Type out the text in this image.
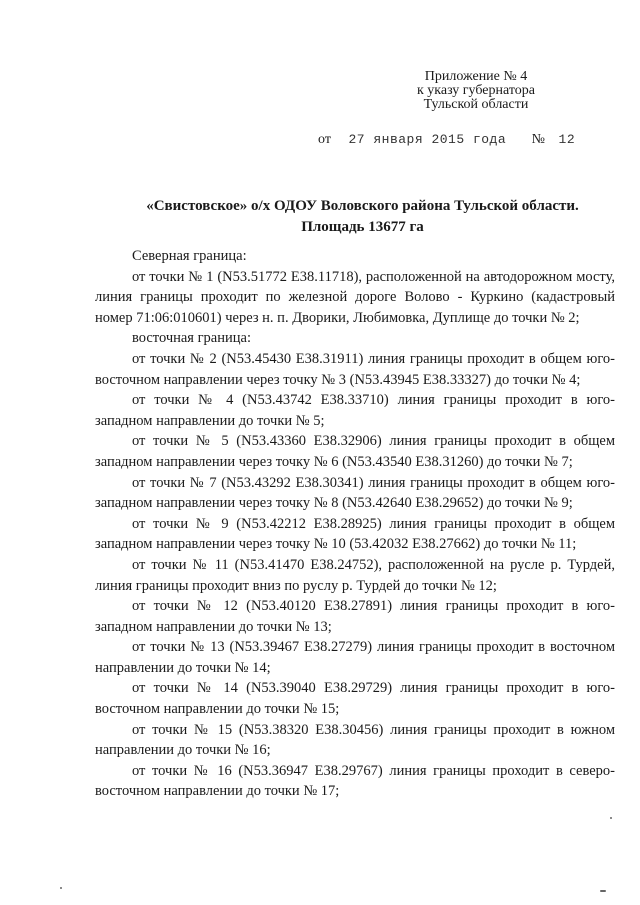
Приложение № 4
к указу губернатора
Тульской области
от 27 января 2015 года № 12
«Свистовское» о/х ОДОУ Воловского района Тульской области.
Площадь 13677 га

Северная граница:

от точки № 1 (N53.51772 E38.11718), расположенной на автодорожном мосту, линия границы проходит по железной дороге Волово - Куркино (кадастровый номер 71:06:010601) через н. п. Дворики, Любимовка, Дуплище до точки № 2;

восточная граница:

от точки № 2 (N53.45430 E38.31911) линия границы проходит в общем юго-восточном направлении через точку № 3 (N53.43945 E38.33327) до точки № 4;

от точки № 4 (N53.43742 E38.33710) линия границы проходит в юго-западном направлении до точки № 5;

от точки № 5 (N53.43360 E38.32906) линия границы проходит в общем западном направлении через точку № 6 (N53.43540 E38.31260) до точки № 7;

от точки № 7 (N53.43292 E38.30341) линия границы проходит в общем юго-западном направлении через точку № 8 (N53.42640 E38.29652) до точки № 9;

от точки № 9 (N53.42212 E38.28925) линия границы проходит в общем западном направлении через точку № 10 (53.42032 E38.27662) до точки № 11;

от точки № 11 (N53.41470 E38.24752), расположенной на русле р. Турдей, линия границы проходит вниз по руслу р. Турдей до точки № 12;

от точки № 12 (N53.40120 E38.27891) линия границы проходит в юго-западном направлении до точки № 13;

от точки № 13 (N53.39467 E38.27279) линия границы проходит в восточном направлении до точки № 14;

от точки № 14 (N53.39040 E38.29729) линия границы проходит в юго-восточном направлении до точки № 15;

от точки № 15 (N53.38320 E38.30456) линия границы проходит в южном направлении до точки № 16;

от точки № 16 (N53.36947 E38.29767) линия границы проходит в северо-восточном направлении до точки № 17;
